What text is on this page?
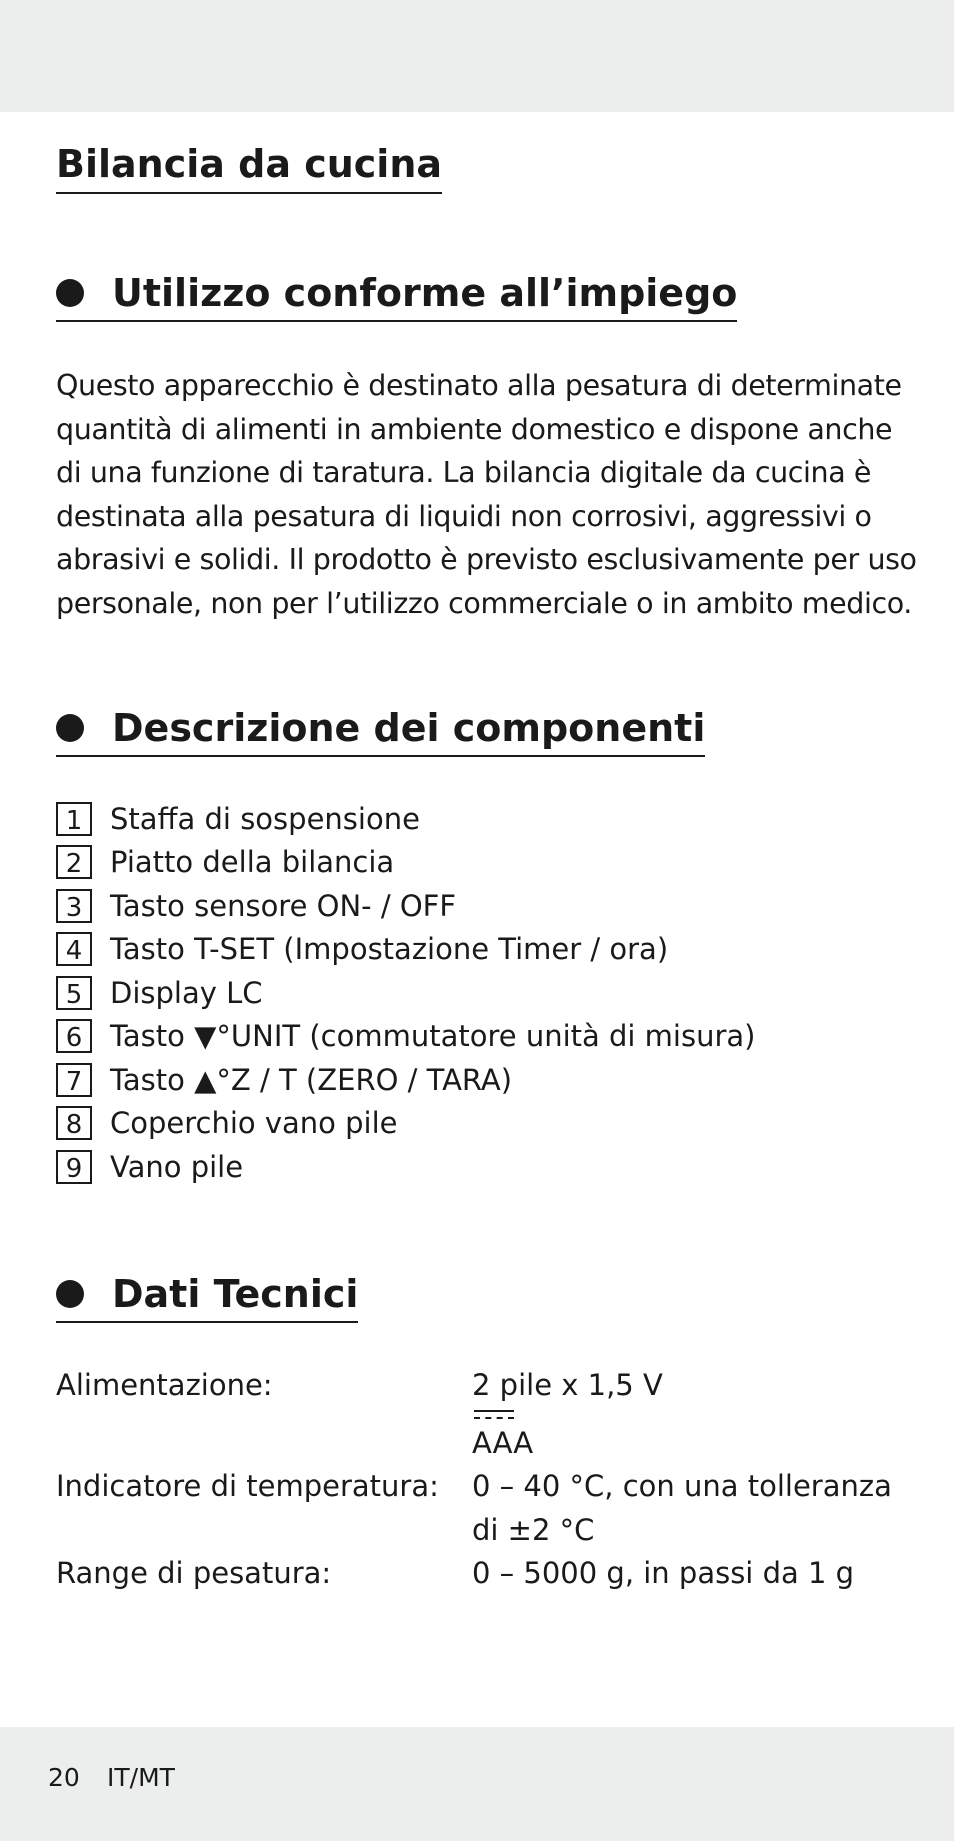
Bilancia da cucina
Utilizzo conforme all’impiego

Questo apparecchio è destinato alla pesatura di determinate
quantità di alimenti in ambiente domestico e dispone anche
di una funzione di taratura. La bilancia digitale da cucina è
destinata alla pesatura di liquidi non corrosivi, aggressivi o
abrasivi e solidi. Il prodotto è previsto esclusivamente per uso
personale, non per l’utilizzo commerciale o in ambito medico.

Descrizione dei componenti
1 Staffa di sospensione
2 Piatto della bilancia
3 Tasto sensore ON- / OFF
4 Tasto T-SET (Impostazione Timer / ora)
5 Display LC
6 Tasto ▼°UNIT (commutatore unità di misura)
7 Tasto ▲°Z / T (ZERO / TARA)
8 Coperchio vano pile
9 Vano pile
Dati Tecnici
Alimentazione:	2 pile x 1,5 V
AAA
Indicatore di temperatura:	0 – 40 °C, con una tolleranza
di ±2 °C
Range di pesatura:	0 – 5000 g, in passi da 1 g
20 IT/MT
